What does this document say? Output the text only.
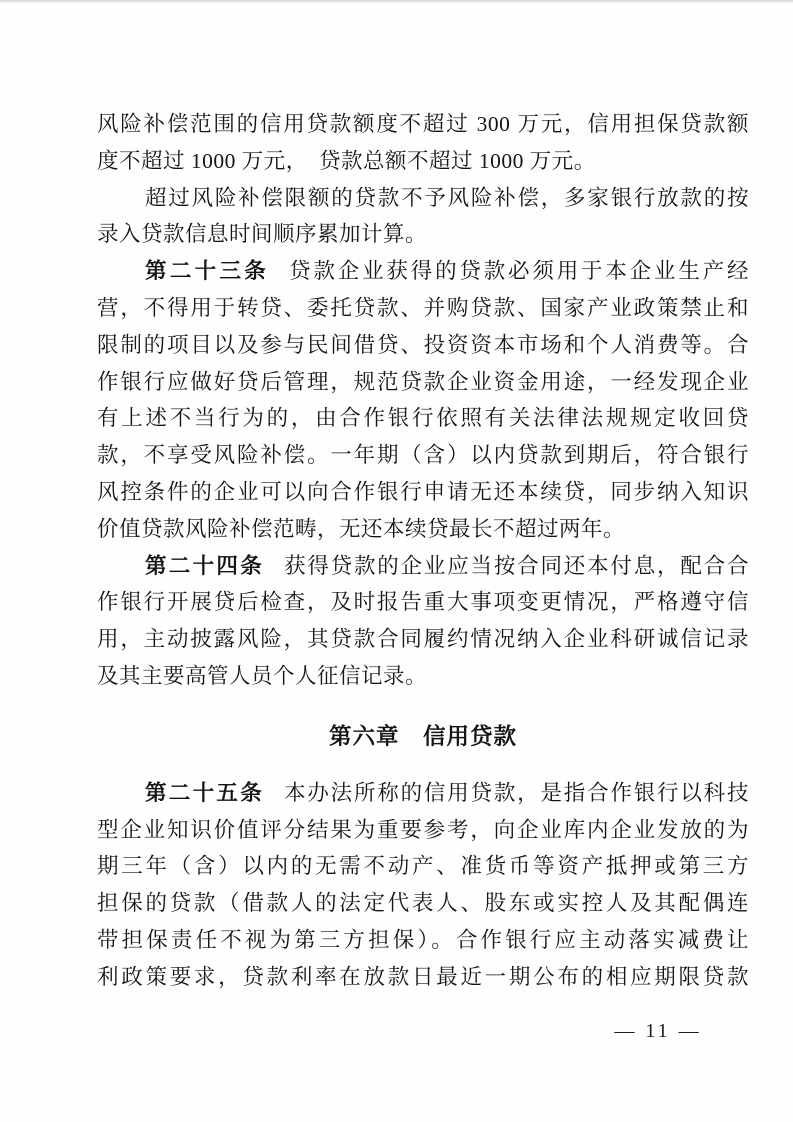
风险补偿范围的信用贷款额度不超过 300 万元，信用担保贷款额
度不超过 1000 万元，　贷款总额不超过 1000 万元。
超过风险补偿限额的贷款不予风险补偿，多家银行放款的按
录入贷款信息时间顺序累加计算。
第二十三条 贷款企业获得的贷款必须用于本企业生产经
营，不得用于转贷、委托贷款、并购贷款、国家产业政策禁止和
限制的项目以及参与民间借贷、投资资本市场和个人消费等。合
作银行应做好贷后管理，规范贷款企业资金用途，一经发现企业
有上述不当行为的，由合作银行依照有关法律法规规定收回贷
款，不享受风险补偿。一年期（含）以内贷款到期后，符合银行
风控条件的企业可以向合作银行申请无还本续贷，同步纳入知识
价值贷款风险补偿范畴，无还本续贷最长不超过两年。
第二十四条 获得贷款的企业应当按合同还本付息，配合合
作银行开展贷后检查，及时报告重大事项变更情况，严格遵守信
用，主动披露风险，其贷款合同履约情况纳入企业科研诚信记录
及其主要高管人员个人征信记录。
第六章　信用贷款
第二十五条 本办法所称的信用贷款，是指合作银行以科技
型企业知识价值评分结果为重要参考，向企业库内企业发放的为
期三年（含）以内的无需不动产、准货币等资产抵押或第三方
担保的贷款（借款人的法定代表人、股东或实控人及其配偶连
带担保责任不视为第三方担保）。合作银行应主动落实减费让
利政策要求，贷款利率在放款日最近一期公布的相应期限贷款
— 11 —
